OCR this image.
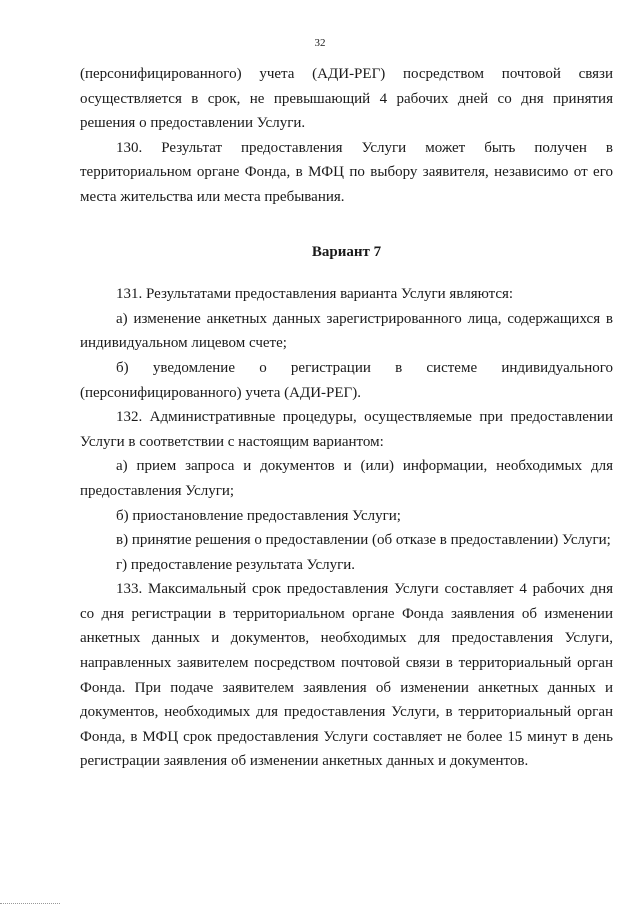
32

(персонифицированного) учета (АДИ-РЕГ) посредством почтовой связи осуществляется в срок, не превышающий 4 рабочих дней со дня принятия решения о предоставлении Услуги.

130. Результат предоставления Услуги может быть получен в территориальном органе Фонда, в МФЦ по выбору заявителя, независимо от его места жительства или места пребывания.

Вариант 7

131. Результатами предоставления варианта Услуги являются:

а) изменение анкетных данных зарегистрированного лица, содержащихся в индивидуальном лицевом счете;

б) уведомление о регистрации в системе индивидуального (персонифицированного) учета (АДИ-РЕГ).

132. Административные процедуры, осуществляемые при предоставлении Услуги в соответствии с настоящим вариантом:

а) прием запроса и документов и (или) информации, необходимых для предоставления Услуги;

б) приостановление предоставления Услуги;

в) принятие решения о предоставлении (об отказе в предоставлении) Услуги;

г) предоставление результата Услуги.

133. Максимальный срок предоставления Услуги составляет 4 рабочих дня со дня регистрации в территориальном органе Фонда заявления об изменении анкетных данных и документов, необходимых для предоставления Услуги, направленных заявителем посредством почтовой связи в территориальный орган Фонда. При подаче заявителем заявления об изменении анкетных данных и документов, необходимых для предоставления Услуги, в территориальный орган Фонда, в МФЦ срок предоставления Услуги составляет не более 15 минут в день регистрации заявления об изменении анкетных данных и документов.
